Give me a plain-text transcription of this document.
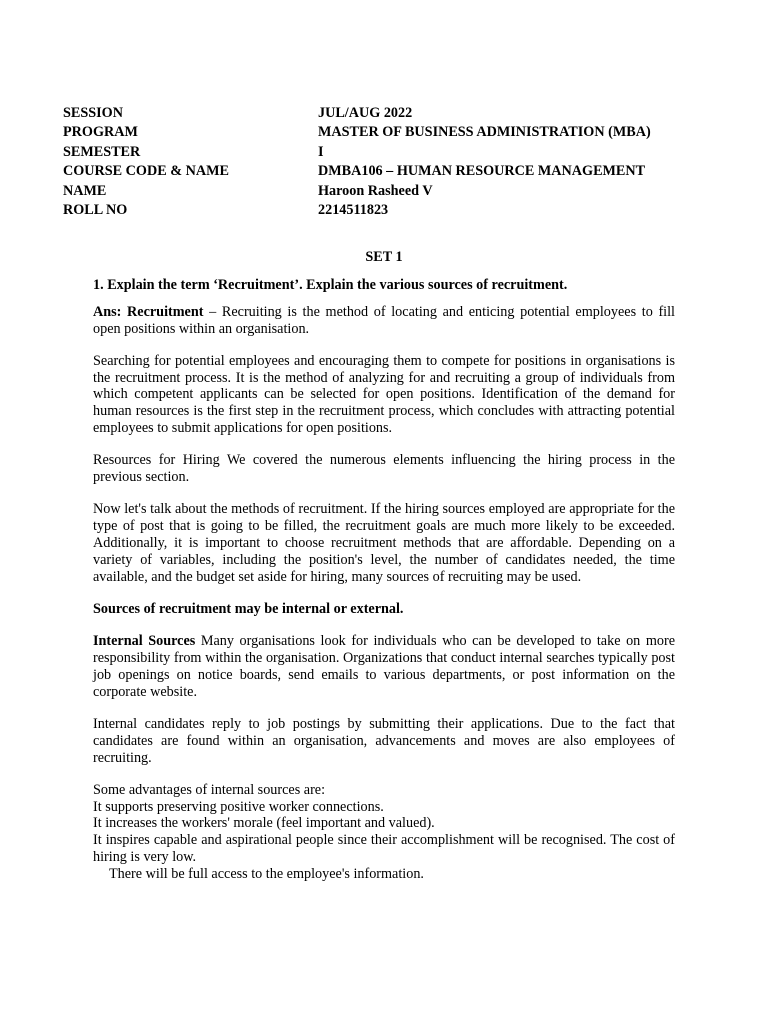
SESSION	JUL/AUG 2022
PROGRAM	MASTER OF BUSINESS ADMINISTRATION (MBA)
SEMESTER	I
COURSE CODE & NAME	DMBA106 – HUMAN RESOURCE MANAGEMENT
NAME	Haroon Rasheed V
ROLL NO	2214511823
SET 1

1. Explain the term ‘Recruitment’. Explain the various sources of recruitment.

Ans: Recruitment – Recruiting is the method of locating and enticing potential employees to fill open positions within an organisation.

Searching for potential employees and encouraging them to compete for positions in organisations is the recruitment process. It is the method of analyzing for and recruiting a group of individuals from which competent applicants can be selected for open positions. Identification of the demand for human resources is the first step in the recruitment process, which concludes with attracting potential employees to submit applications for open positions.

Resources for Hiring We covered the numerous elements influencing the hiring process in the previous section.

Now let's talk about the methods of recruitment. If the hiring sources employed are appropriate for the type of post that is going to be filled, the recruitment goals are much more likely to be exceeded. Additionally, it is important to choose recruitment methods that are affordable. Depending on a variety of variables, including the position's level, the number of candidates needed, the time available, and the budget set aside for hiring, many sources of recruiting may be used.

Sources of recruitment may be internal or external.

Internal Sources Many organisations look for individuals who can be developed to take on more responsibility from within the organisation. Organizations that conduct internal searches typically post job openings on notice boards, send emails to various departments, or post information on the corporate website.

Internal candidates reply to job postings by submitting their applications. Due to the fact that candidates are found within an organisation, advancements and moves are also employees of recruiting.

Some advantages of internal sources are:

It supports preserving positive worker connections.

It increases the workers' morale (feel important and valued).

It inspires capable and aspirational people since their accomplishment will be recognised. The cost of hiring is very low.

There will be full access to the employee's information.
